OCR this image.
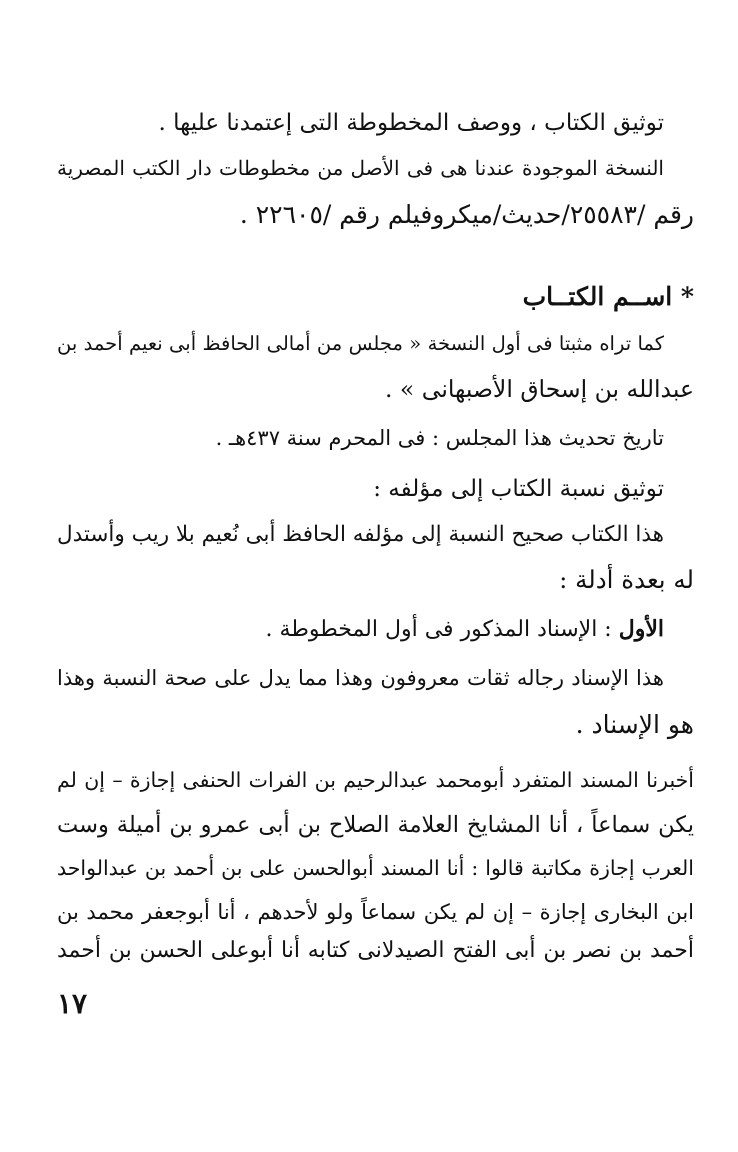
توثيق الكتاب ، ووصف المخطوطة التى إعتمدنا عليها .
النسخة الموجودة عندنا هى فى الأصل من مخطوطات دار الكتب المصرية
رقم /٢٥٥٨٣/حديث/ميكروفيلم رقم /٢٢٦٠٥ .
* اســم الكتــاب
كما تراه مثبتا فى أول النسخة « مجلس من أمالى الحافظ أبى نعيم أحمد بن
عبدالله بن إسحاق الأصبهانى » .
تاريخ تحديث هذا المجلس : فى المحرم سنة ٤٣٧هـ .
توثيق نسبة الكتاب إلى مؤلفه :
هذا الكتاب صحيح النسبة إلى مؤلفه الحافظ أبى نُعيم بلا ريب وأستدل
له بعدة أدلة :
الأول : الإسناد المذكور فى أول المخطوطة .
هذا الإسناد رجاله ثقات معروفون وهذا مما يدل على صحة النسبة وهذا
هو الإسناد .
أخبرنا المسند المتفرد أبومحمد عبدالرحيم بن الفرات الحنفى إجازة – إن لم
يكن سماعاً ، أنا المشايخ العلامة الصلاح بن أبى عمرو بن أميلة وست
العرب إجازة مكاتبة قالوا : أنا المسند أبوالحسن على بن أحمد بن عبدالواحد
ابن البخارى إجازة – إن لم يكن سماعاً ولو لأحدهم ، أنا أبوجعفر محمد بن
أحمد بن نصر بن أبى الفتح الصيدلانى كتابه أنا أبوعلى الحسن بن أحمد
١٧
